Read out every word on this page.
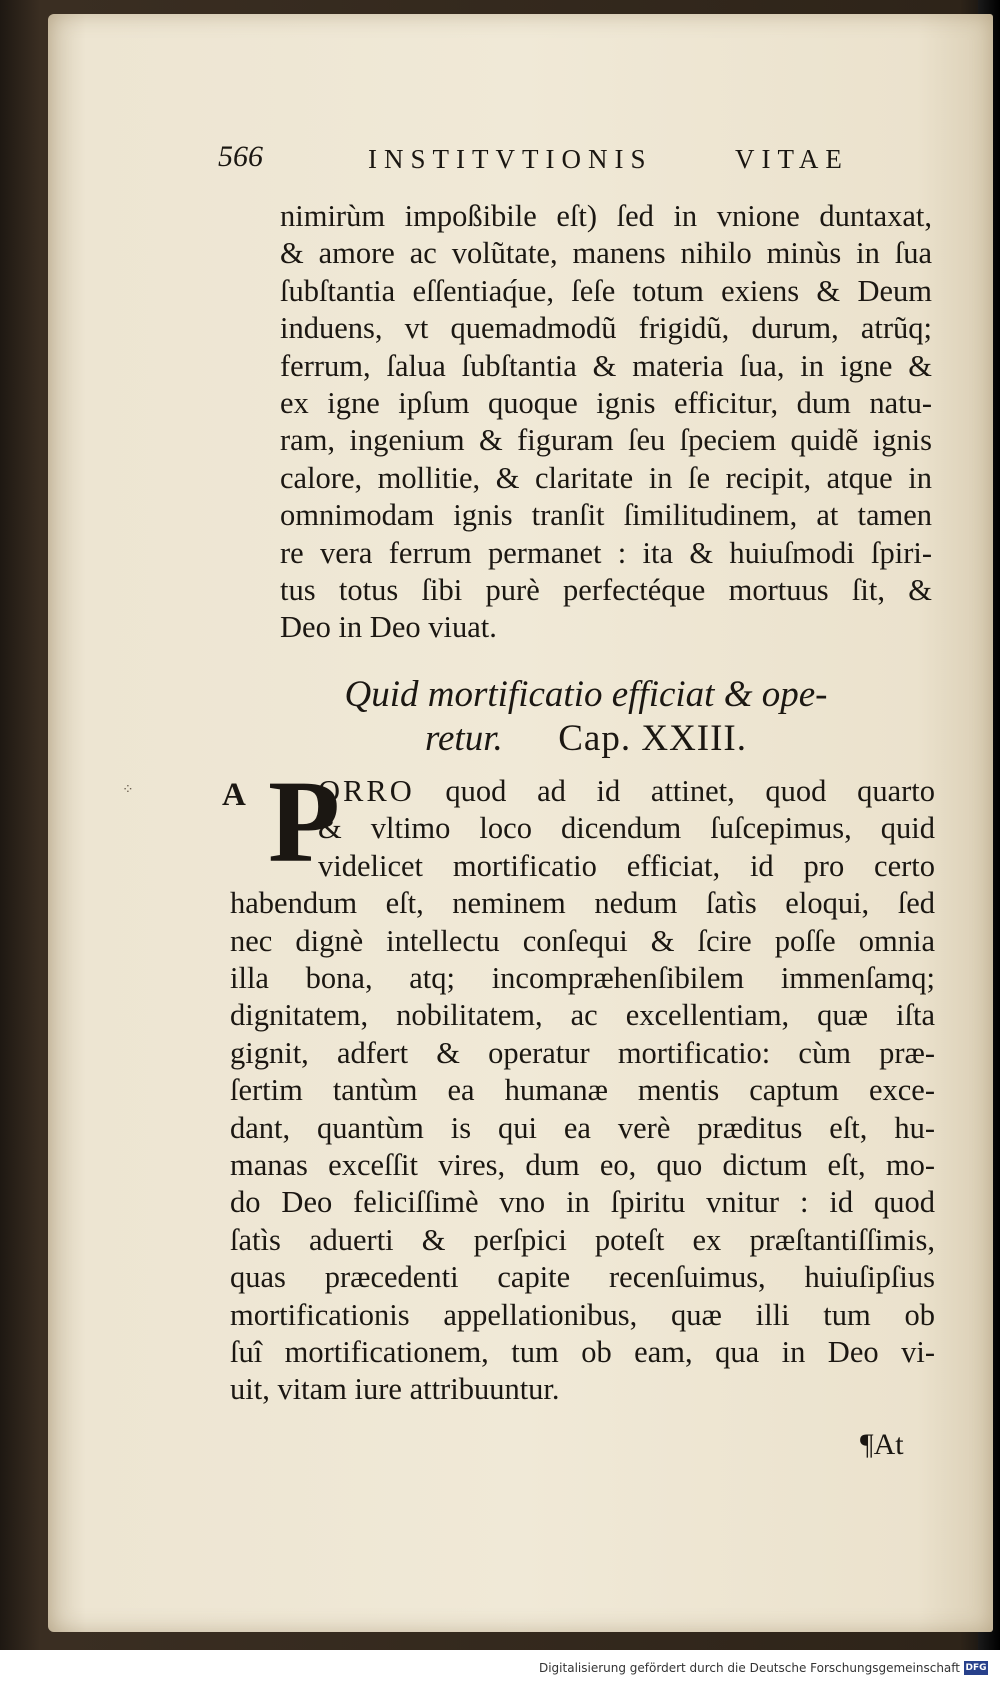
⁘
566	INSTITVTIONIS	VITAE
nimirùm impoßibile eſt) ſed in vnione duntaxat,
& amore ac volũtate, manens nihilo minùs in ſua
ſubſtantia eſſentiaq́ue, ſeſe totum exiens & Deum
induens, vt quemadmodũ frigidũ, durum, atrũq;
ferrum, ſalua ſubſtantia & materia ſua, in igne &
ex igne ipſum quoque ignis efficitur, dum natu-
ram, ingenium & figuram ſeu ſpeciem quidẽ ignis
calore, mollitie, & claritate in ſe recipit, atque in
omnimodam ignis tranſit ſimilitudinem, at tamen
re vera ferrum permanet : ita & huiuſmodi ſpiri-
tus totus ſibi purè perfectéque mortuus ſit, &
Deo in Deo viuat.
Quid mortificatio efficiat & ope-
retur. Cap. XXIII.
A P
ORRO quod ad id attinet, quod quarto
& vltimo loco dicendum ſuſcepimus, quid
videlicet mortificatio efficiat, id pro certo
habendum eſt, neminem nedum ſatìs eloqui, ſed
nec dignè intellectu conſequi & ſcire poſſe omnia
illa bona, atq; incompræhenſibilem immenſamq;
dignitatem, nobilitatem, ac excellentiam, quæ iſta
gignit, adfert & operatur mortificatio: cùm præ-
ſertim tantùm ea humanæ mentis captum exce-
dant, quantùm is qui ea verè præditus eſt, hu-
manas exceſſit vires, dum eo, quo dictum eſt, mo-
do Deo feliciſſimè vno in ſpiritu vnitur : id quod
ſatìs aduerti & perſpici poteſt ex præſtantiſſimis,
quas præcedenti capite recenſuimus, huiuſipſius
mortificationis appellationibus, quæ illi tum ob
ſuî mortificationem, tum ob eam, qua in Deo vi-
uit, vitam iure attribuuntur.
¶At
Digitalisierung gefördert durch die Deutsche Forschungsgemeinschaft DFG
